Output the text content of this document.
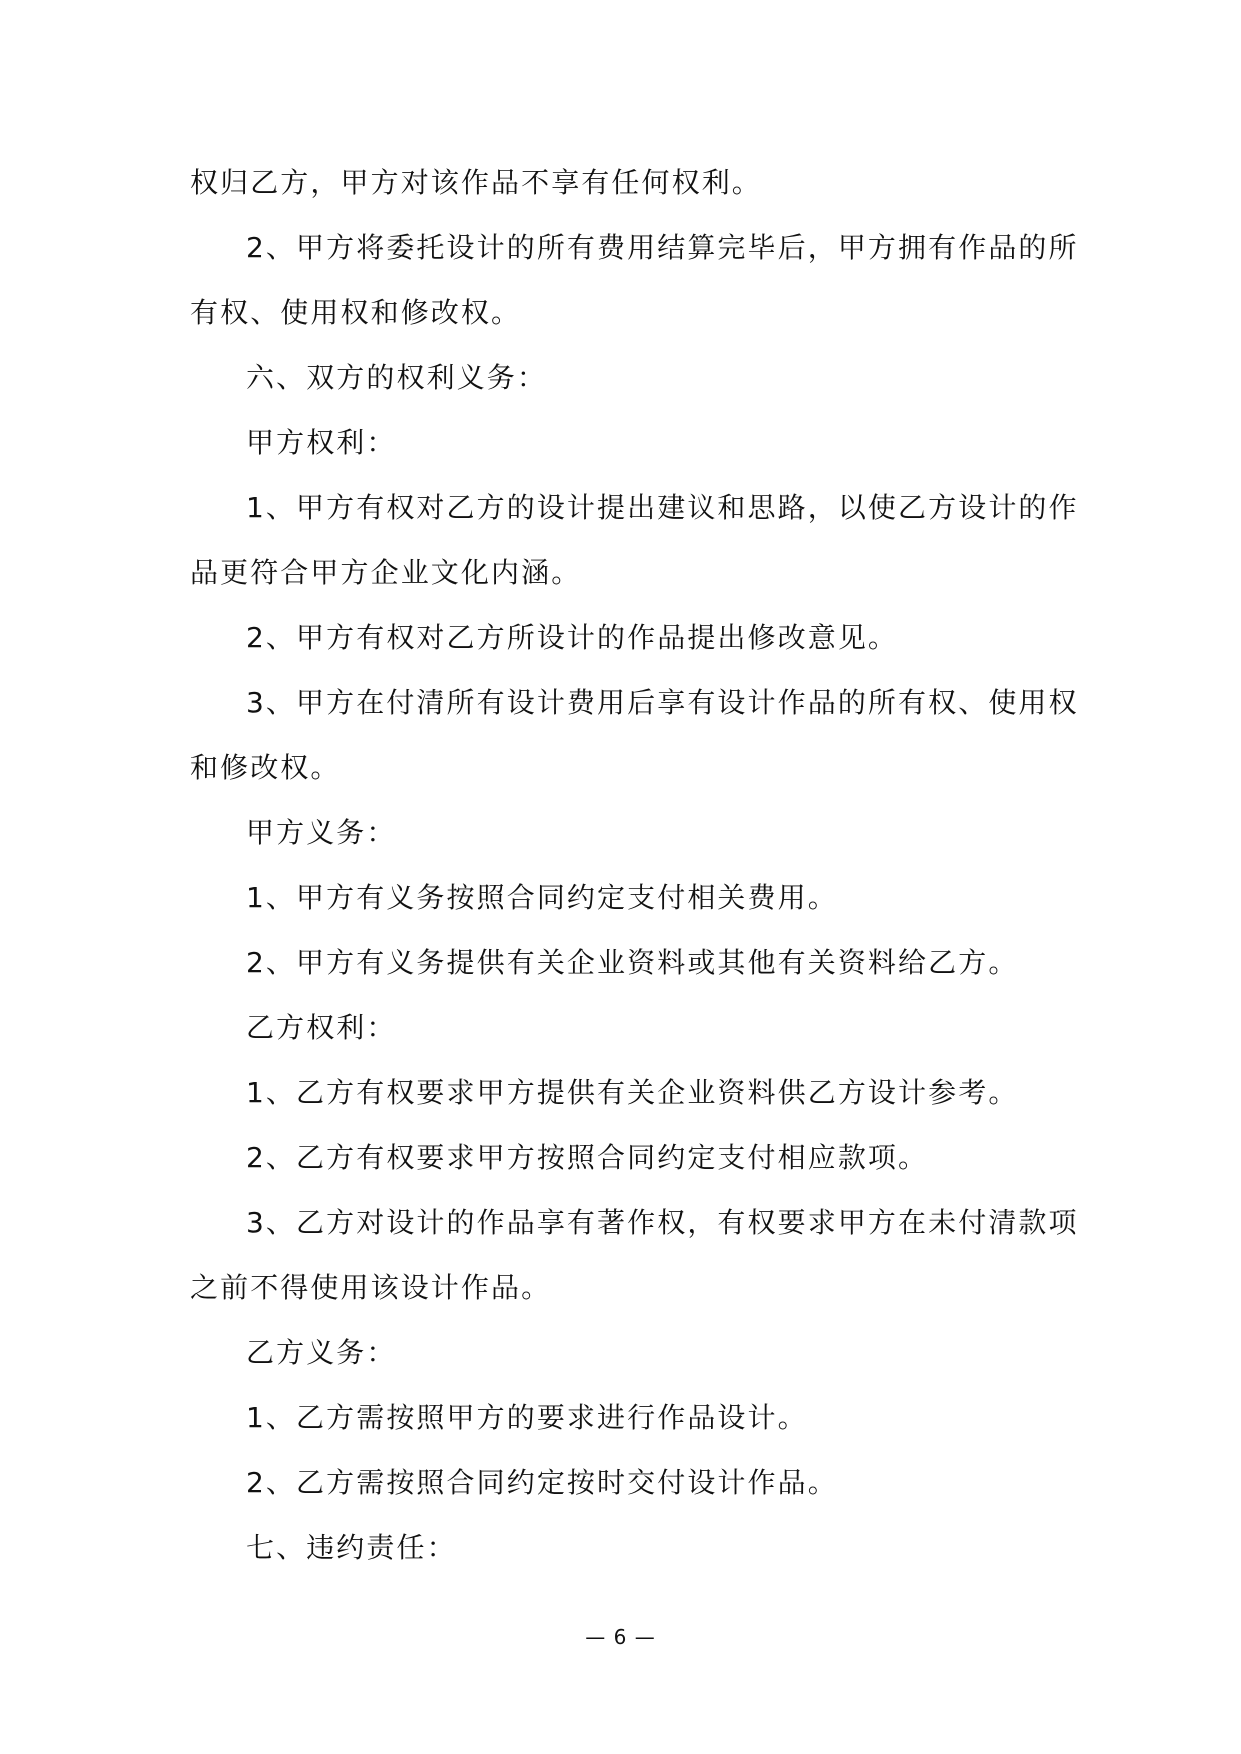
权归乙方，甲方对该作品不享有任何权利。
2、甲方将委托设计的所有费用结算完毕后，甲方拥有作品的所
有权、使用权和修改权。
六、双方的权利义务：
甲方权利：
1、甲方有权对乙方的设计提出建议和思路，以使乙方设计的作
品更符合甲方企业文化内涵。
2、甲方有权对乙方所设计的作品提出修改意见。
3、甲方在付清所有设计费用后享有设计作品的所有权、使用权
和修改权。
甲方义务：
1、甲方有义务按照合同约定支付相关费用。
2、甲方有义务提供有关企业资料或其他有关资料给乙方。
乙方权利：
1、乙方有权要求甲方提供有关企业资料供乙方设计参考。
2、乙方有权要求甲方按照合同约定支付相应款项。
3、乙方对设计的作品享有著作权，有权要求甲方在未付清款项
之前不得使用该设计作品。
乙方义务：
1、乙方需按照甲方的要求进行作品设计。
2、乙方需按照合同约定按时交付设计作品。
七、违约责任：
— 6 —
